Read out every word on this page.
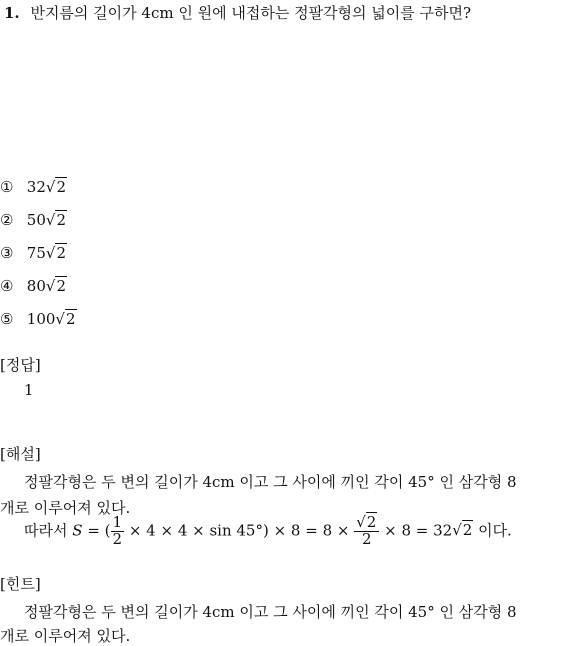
1. 반지름의 길이가 4cm 인 원에 내접하는 정팔각형의 넓이를 구하면?
① 32√2
② 50√2
③ 75√2
④ 80√2
⑤ 100√2
[정답]
1
[해설]
정팔각형은 두 변의 길이가 4cm 이고 그 사이에 끼인 각이 45° 인 삼각형 8
개로 이루어져 있다.
따라서 S = ( $\frac{1}{2} \times 4 \times 4 \times \sin 45^\circ) \times 8 = 8 \times \frac{√2}{2} \times 8 = 32√2$ 이다.
[힌트]
정팔각형은 두 변의 길이가 4cm 이고 그 사이에 끼인 각이 45° 인 삼각형 8
개로 이루어져 있다.
